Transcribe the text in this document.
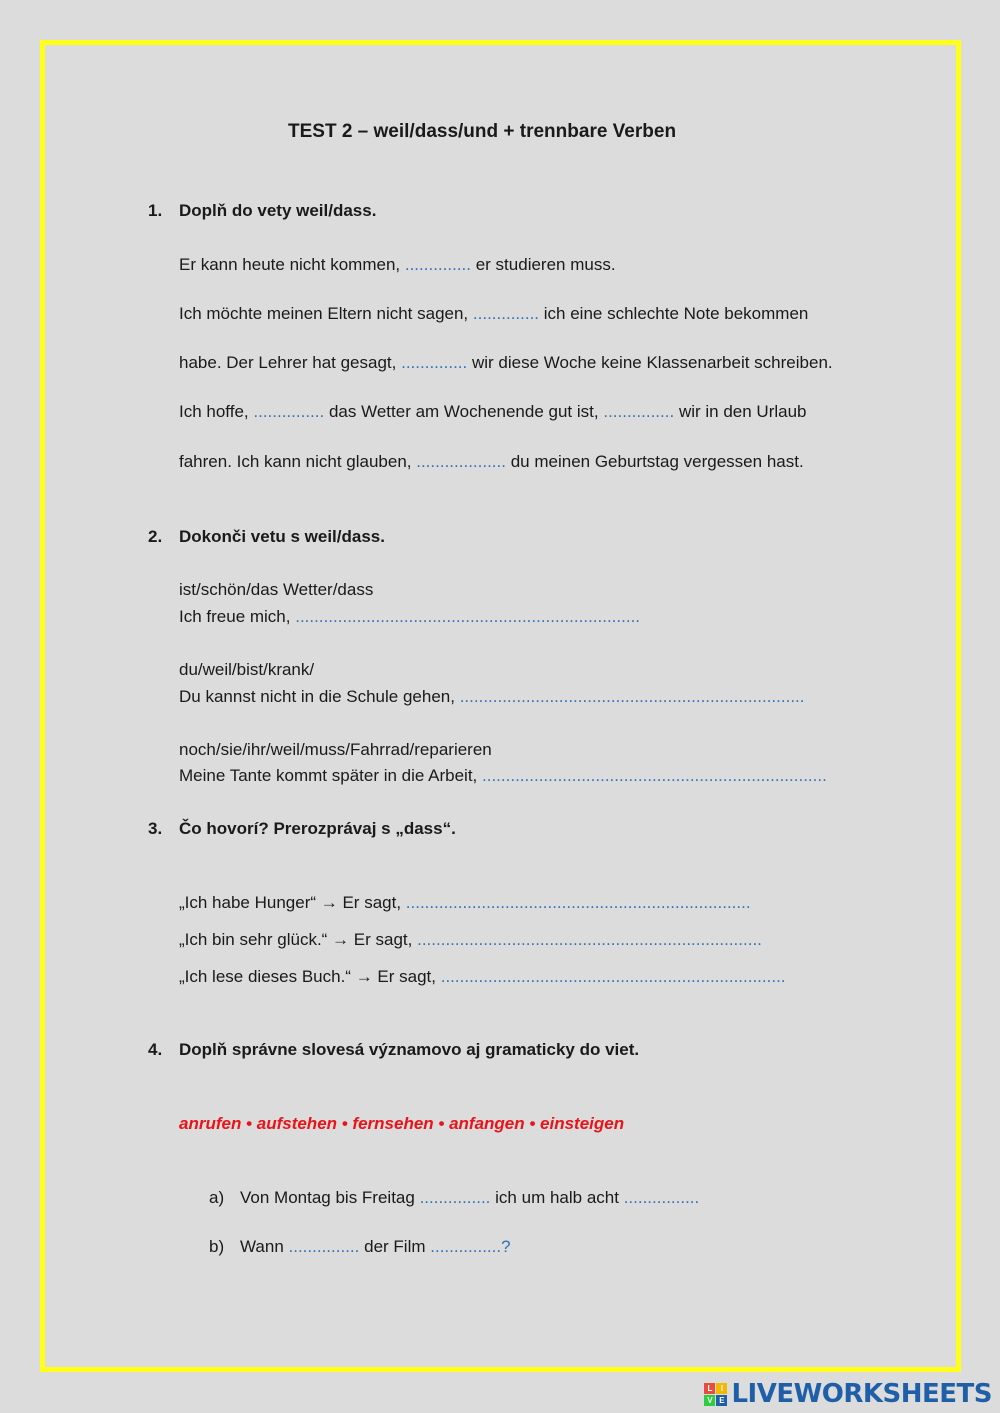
TEST 2 – weil/dass/und + trennbare Verben
1. Doplň do vety weil/dass.
Er kann heute nicht kommen, .............. er studieren muss.
Ich möchte meinen Eltern nicht sagen, .............. ich eine schlechte Note bekommen
habe. Der Lehrer hat gesagt, .............. wir diese Woche keine Klassenarbeit schreiben.
Ich hoffe, ............... das Wetter am Wochenende gut ist, ............... wir in den Urlaub
fahren. Ich kann nicht glauben, ................... du meinen Geburtstag vergessen hast.
2. Dokonči vetu s weil/dass.
ist/schön/das Wetter/dass
Ich freue mich, .........................................................................
du/weil/bist/krank/
Du kannst nicht in die Schule gehen, .........................................................................
noch/sie/ihr/weil/muss/Fahrrad/reparieren
Meine Tante kommt später in die Arbeit, .........................................................................
3. Čo hovorí? Prerozprávaj s „dass“.
„Ich habe Hunger“ → Er sagt, .........................................................................
„Ich bin sehr glück.“ → Er sagt, .........................................................................
„Ich lese dieses Buch.“ → Er sagt, .........................................................................
4. Doplň správne slovesá významovo aj gramaticky do viet.
anrufen • aufstehen • fernsehen • anfangen • einsteigen
a) Von Montag bis Freitag ............... ich um halb acht ................
b) Wann ............... der Film ...............?
L	I
V E LIVEWORKSHEETS
